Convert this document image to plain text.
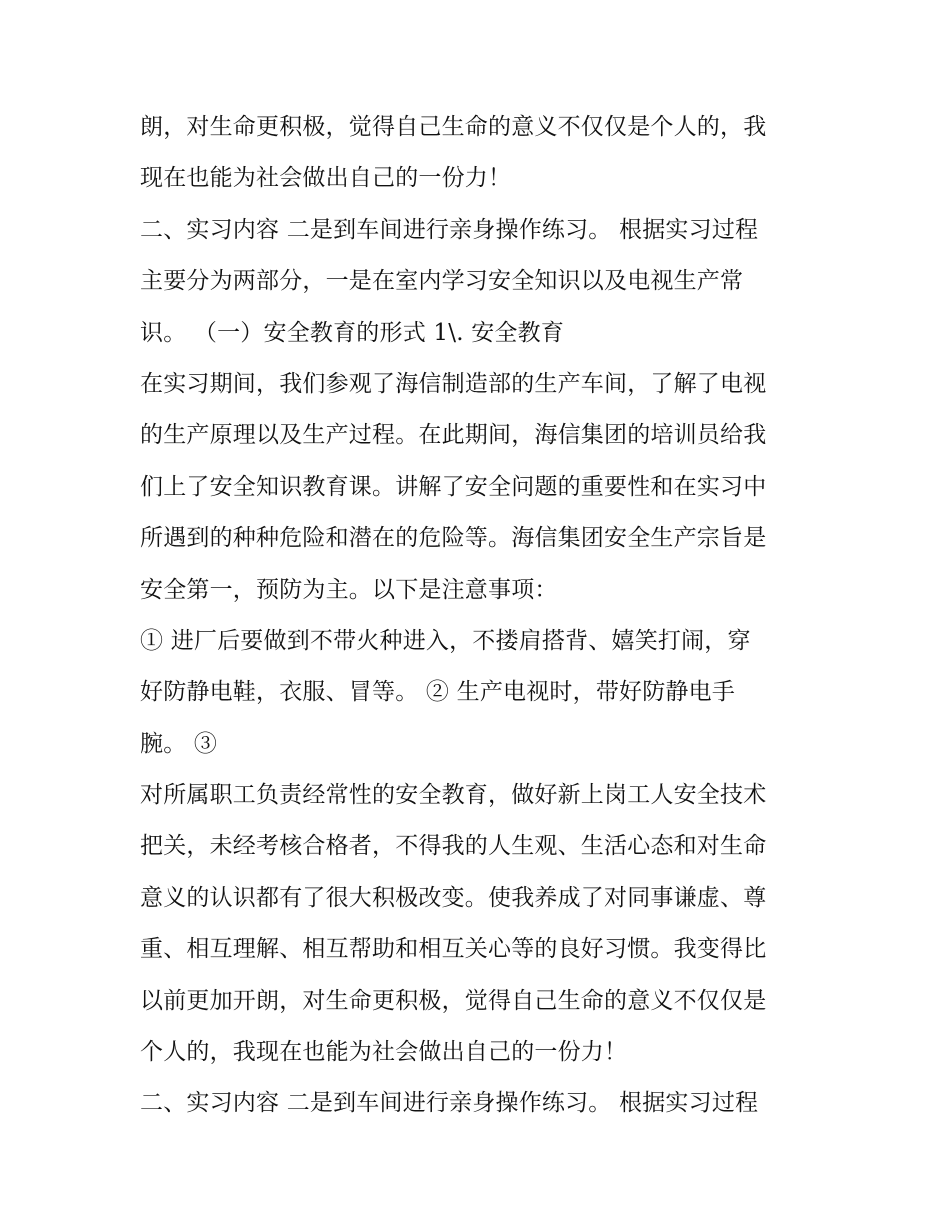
朗，对生命更积极，觉得自己生命的意义不仅仅是个人的，我
现在也能为社会做出自己的一份力！
二、实习内容 二是到车间进行亲身操作练习。 根据实习过程
主要分为两部分，一是在室内学习安全知识以及电视生产常
识。 （一）安全教育的形式 1\. 安全教育
在实习期间，我们参观了海信制造部的生产车间，了解了电视
的生产原理以及生产过程。在此期间，海信集团的培训员给我
们上了安全知识教育课。讲解了安全问题的重要性和在实习中
所遇到的种种危险和潜在的危险等。海信集团安全生产宗旨是
安全第一，预防为主。以下是注意事项：
① 进厂后要做到不带火种进入，不搂肩搭背、嬉笑打闹，穿
好防静电鞋，衣服、冒等。 ② 生产电视时，带好防静电手
腕。 ③
对所属职工负责经常性的安全教育，做好新上岗工人安全技术
把关，未经考核合格者，不得我的人生观、生活心态和对生命
意义的认识都有了很大积极改变。使我养成了对同事谦虚、尊
重、相互理解、相互帮助和相互关心等的良好习惯。我变得比
以前更加开朗，对生命更积极，觉得自己生命的意义不仅仅是
个人的，我现在也能为社会做出自己的一份力！
二、实习内容 二是到车间进行亲身操作练习。 根据实习过程
